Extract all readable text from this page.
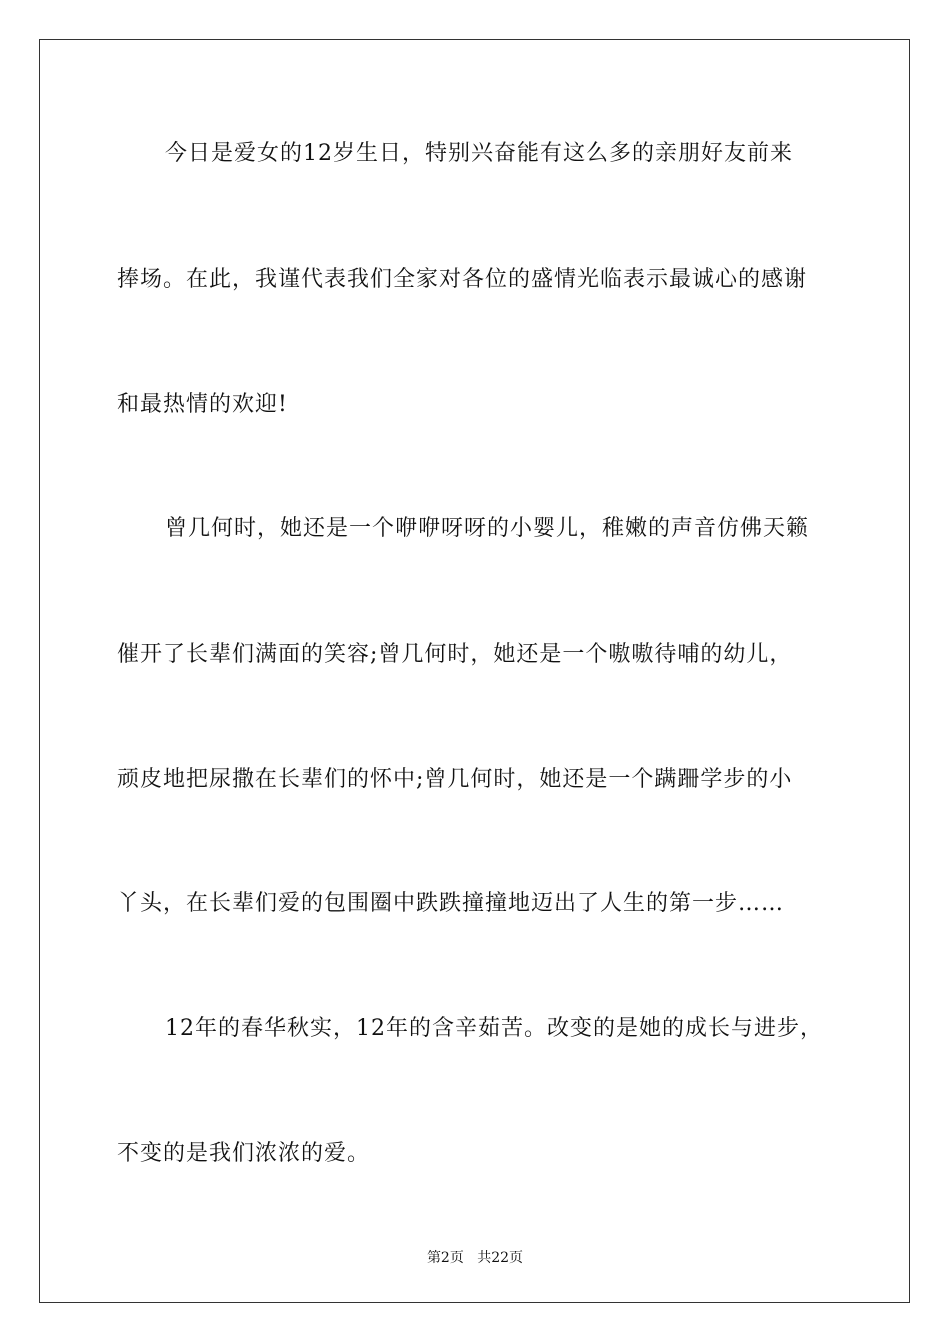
今日是爱女的12岁生日，特别兴奋能有这么多的亲朋好友前来
捧场。在此，我谨代表我们全家对各位的盛情光临表示最诚心的感谢
和最热情的欢迎!
曾几何时，她还是一个咿咿呀呀的小婴儿，稚嫩的声音仿佛天籁
催开了长辈们满面的笑容;曾几何时，她还是一个嗷嗷待哺的幼儿，
顽皮地把尿撒在长辈们的怀中;曾几何时，她还是一个蹒跚学步的小
丫头，在长辈们爱的包围圈中跌跌撞撞地迈出了人生的第一步……
12年的春华秋实，12年的含辛茹苦。改变的是她的成长与进步，
不变的是我们浓浓的爱。
第2页 共22页
